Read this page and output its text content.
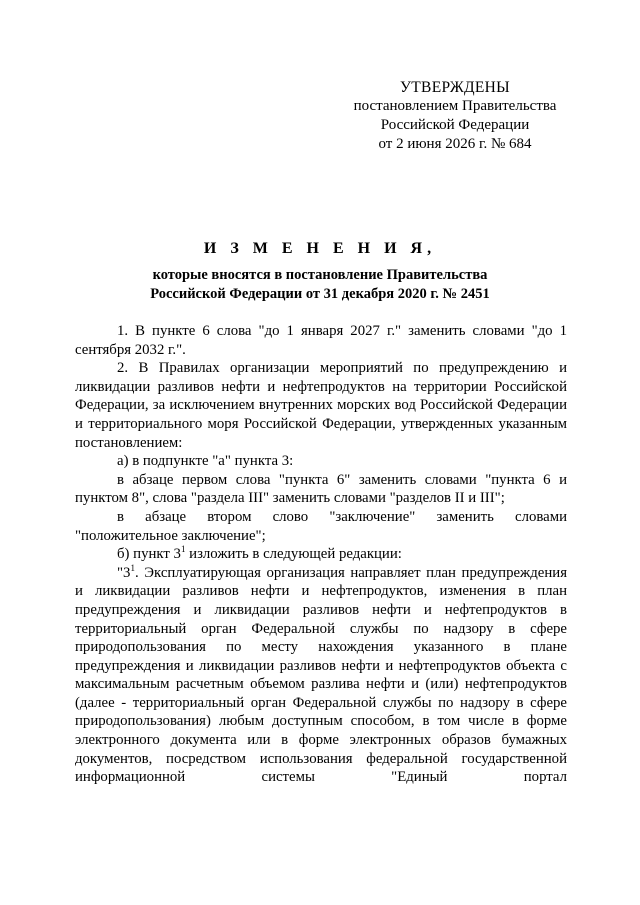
УТВЕРЖДЕНЫ
постановлением Правительства
Российской Федерации
от 2 июня 2026 г. № 684
И З М Е Н Е Н И Я,
которые вносятся в постановление Правительства
Российской Федерации от 31 декабря 2020 г. № 2451

1. В пункте 6 слова "до 1 января 2027 г." заменить словами "до 1 сентября 2032 г.".

2. В Правилах организации мероприятий по предупреждению и ликвидации разливов нефти и нефтепродуктов на территории Российской Федерации, за исключением внутренних морских вод Российской Федерации и территориального моря Российской Федерации, утвержденных указанным постановлением:

а) в подпункте "а" пункта 3:

в абзаце первом слова "пункта 6" заменить словами "пункта 6 и пунктом 8", слова "раздела III" заменить словами "разделов II и III";

в абзаце втором слово "заключение" заменить словами "положительное заключение";

б) пункт $3^1$ изложить в следующей редакции:

"$3^1$. Эксплуатирующая организация направляет план предупреждения и ликвидации разливов нефти и нефтепродуктов, изменения в план предупреждения и ликвидации разливов нефти и нефтепродуктов в территориальный орган Федеральной службы по надзору в сфере природопользования по месту нахождения указанного в плане предупреждения и ликвидации разливов нефти и нефтепродуктов объекта с максимальным расчетным объемом разлива нефти и (или) нефтепродуктов (далее - территориальный орган Федеральной службы по надзору в сфере природопользования) любым доступным способом, в том числе в форме электронного документа или в форме электронных образов бумажных документов, посредством использования федеральной государственной информационной системы "Единый портал
